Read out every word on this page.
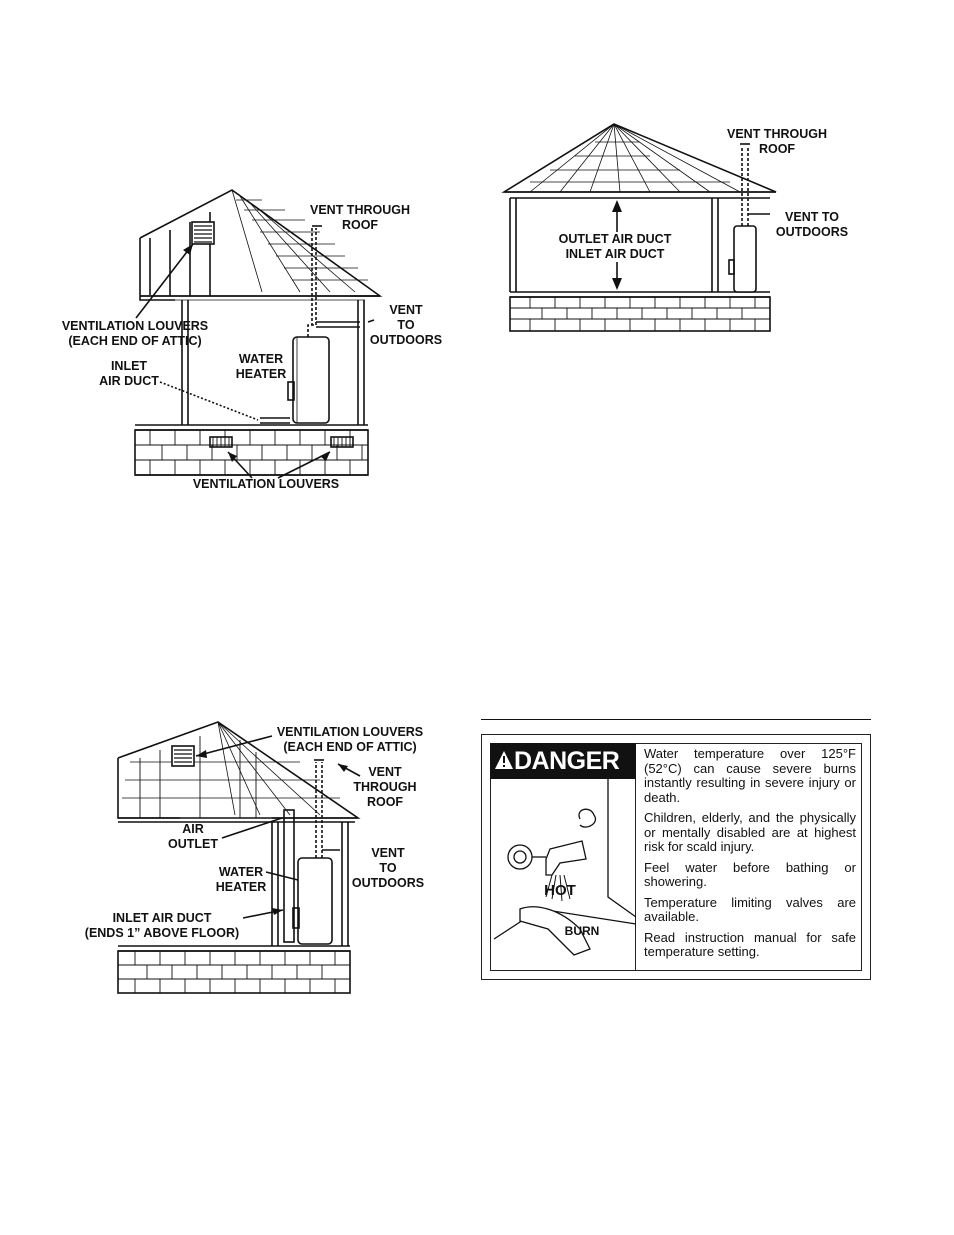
VENT THROUGH
ROOF
VENTILATION LOUVERS
(EACH END OF ATTIC)
VENT
TO
OUTDOORS
WATER
HEATER
INLET
AIR DUCT
VENTILATION LOUVERS
VENT THROUGH
ROOF
VENT TO
OUTDOORS
OUTLET AIR DUCT
INLET AIR DUCT
VENTILATION LOUVERS
(EACH END OF ATTIC)
VENT
THROUGH
ROOF
AIR
OUTLET
VENT
TO
OUTDOORS
WATER
HEATER
INLET AIR DUCT
(ENDS 1” ABOVE FLOOR)
DANGER
HOT
BURN

Water temperature over 125°F (52°C) can cause severe burns instantly resulting in severe injury or death.

Children, elderly, and the physically or mentally disabled are at highest risk for scald injury.

Feel water before bathing or showering.

Temperature limiting valves are available.

Read instruction manual for safe temperature setting.
